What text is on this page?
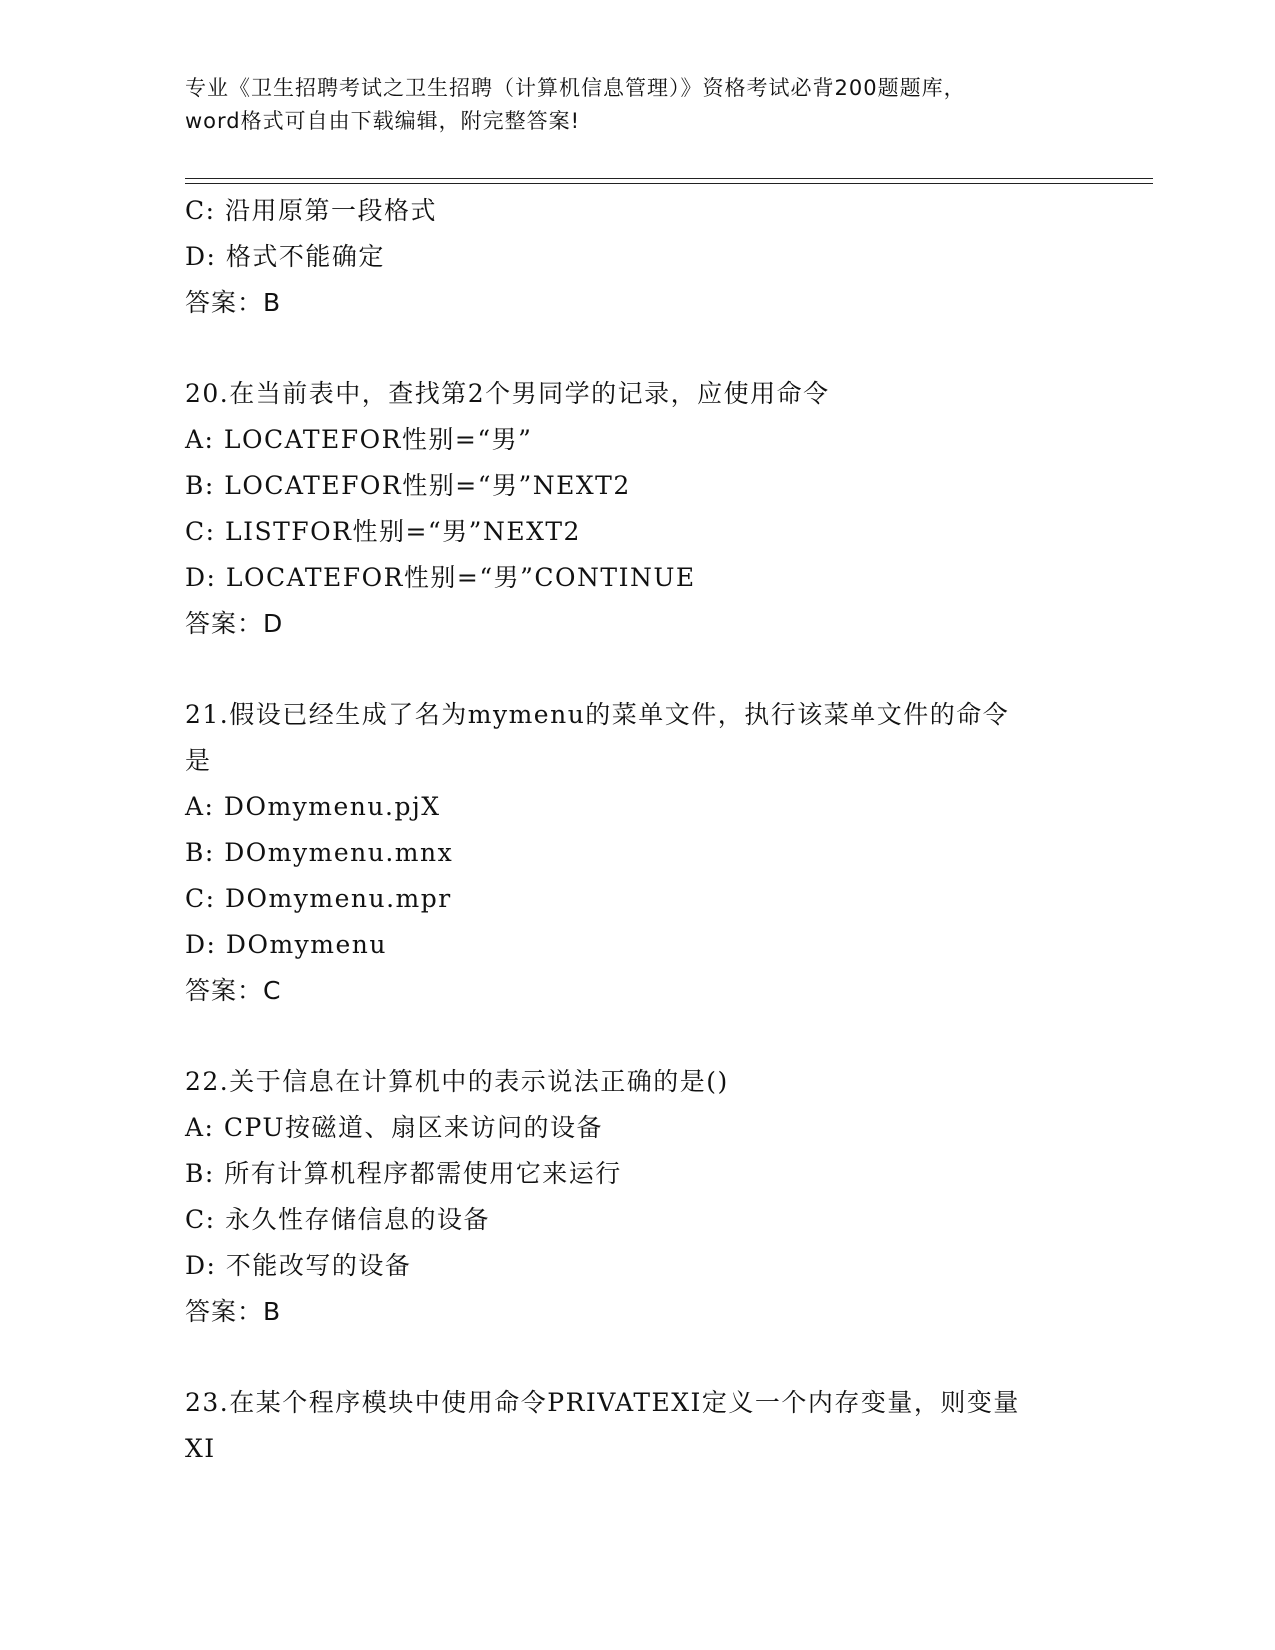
专业《卫生招聘考试之卫生招聘（计算机信息管理）》资格考试必背200题题库，
word格式可自由下载编辑，附完整答案!
C: 沿用原第一段格式
D: 格式不能确定
答案：B
20.在当前表中，查找第2个男同学的记录，应使用命令
A: LOCATEFOR性别=“男”
B: LOCATEFOR性别=“男”NEXT2
C: LISTFOR性别=“男”NEXT2
D: LOCATEFOR性别=“男”CONTINUE
答案：D
21.假设已经生成了名为mymenu的菜单文件，执行该菜单文件的命令
是
A: DOmymenu.pjX
B: DOmymenu.mnx
C: DOmymenu.mpr
D: DOmymenu
答案：C
22.关于信息在计算机中的表示说法正确的是()
A: CPU按磁道、扇区来访问的设备
B: 所有计算机程序都需使用它来运行
C: 永久性存储信息的设备
D: 不能改写的设备
答案：B
23.在某个程序模块中使用命令PRIVATEXI定义一个内存变量，则变量
XI
